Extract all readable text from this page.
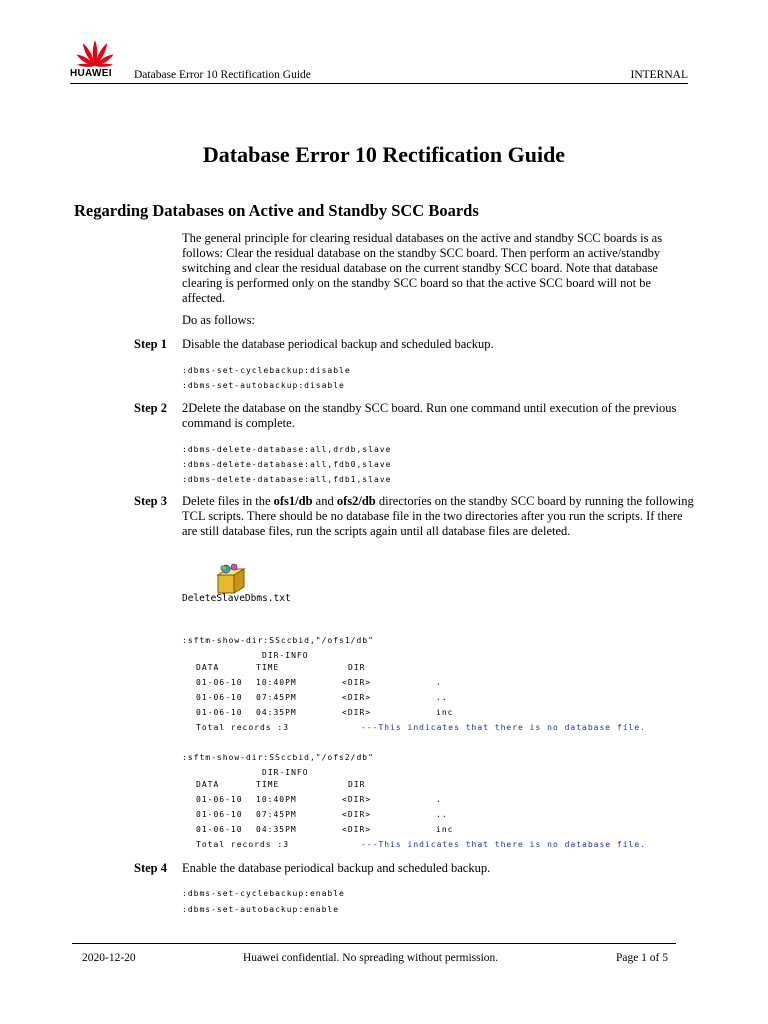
HUAWEI Database Error 10 Rectification Guide	INTERNAL
Database Error 10 Rectification Guide
Regarding Databases on Active and Standby SCC Boards
The general principle for clearing residual databases on the active and standby SCC boards is as follows: Clear the residual database on the standby SCC board. Then perform an active/standby switching and clear the residual database on the current standby SCC board. Note that database clearing is performed only on the standby SCC board so that the active SCC board will not be affected.
Do as follows:
Step 1 Disable the database periodical backup and scheduled backup.
:dbms-set-cyclebackup:disable
:dbms-set-autobackup:disable
Step 2 2Delete the database on the standby SCC board. Run one command until execution of the previous command is complete.
:dbms-delete-database:all,drdb,slave
:dbms-delete-database:all,fdb0,slave
:dbms-delete-database:all,fdb1,slave
Step 3 Delete files in the ofs1/db and ofs2/db directories on the standby SCC board by running the following TCL scripts. There should be no database file in the two directories after you run the scripts. If there are still database files, run the scripts again until all database files are deleted.
DeleteSlaveDbms.txt
:sftm-show-dir:SSccbid,"/ofs1/db"
DIR-INFO
DATA	TIME	DIR
01-06-10 10:40PM	<DIR>	.
01-06-10 07:45PM	<DIR>	..
01-06-10 04:35PM	<DIR>	inc
Total records :3	---This indicates that there is no database file.
:sftm-show-dir:SSccbid,"/ofs2/db"
DIR-INFO
DATA	TIME	DIR
01-06-10 10:40PM	<DIR>	.
01-06-10 07:45PM	<DIR>	..
01-06-10 04:35PM	<DIR>	inc
Total records :3	---This indicates that there is no database file.
Step 4 Enable the database periodical backup and scheduled backup.
:dbms-set-cyclebackup:enable
:dbms-set-autobackup:enable
2020-12-20	Huawei confidential. No spreading without permission.	Page 1 of 5
